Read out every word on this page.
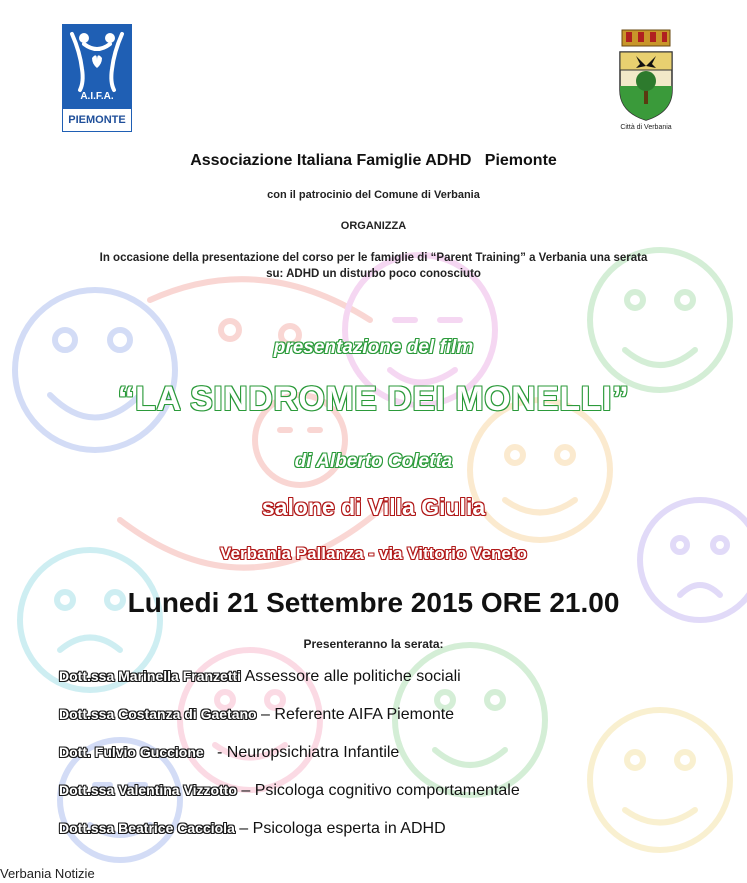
A.I.F.A.
PIEMONTE
Città di Verbania
Associazione Italiana Famiglie ADHD   Piemonte
con il patrocinio del Comune di Verbania
ORGANIZZA
In occasione della presentazione del corso per le famiglie di “Parent Training” a Verbania una serata
su: ADHD un disturbo poco conosciuto
presentazione del film
“LA SINDROME DEI MONELLI”
di Alberto Coletta
salone di Villa Giulia
Verbania Pallanza - via Vittorio Veneto
Lunedi 21 Settembre 2015 ORE 21.00
Presenteranno la serata:
Dott.ssa Marinella Franzetti Assessore alle politiche sociali
Dott.ssa Costanza di Gaetano – Referente AIFA Piemonte
Dott. Fulvio Guccione   - Neuropsichiatra Infantile
Dott.ssa Valentina Vizzotto – Psicologa cognitivo comportamentale
Dott.ssa Beatrice Cacciola – Psicologa esperta in ADHD
Verbania Notizie
